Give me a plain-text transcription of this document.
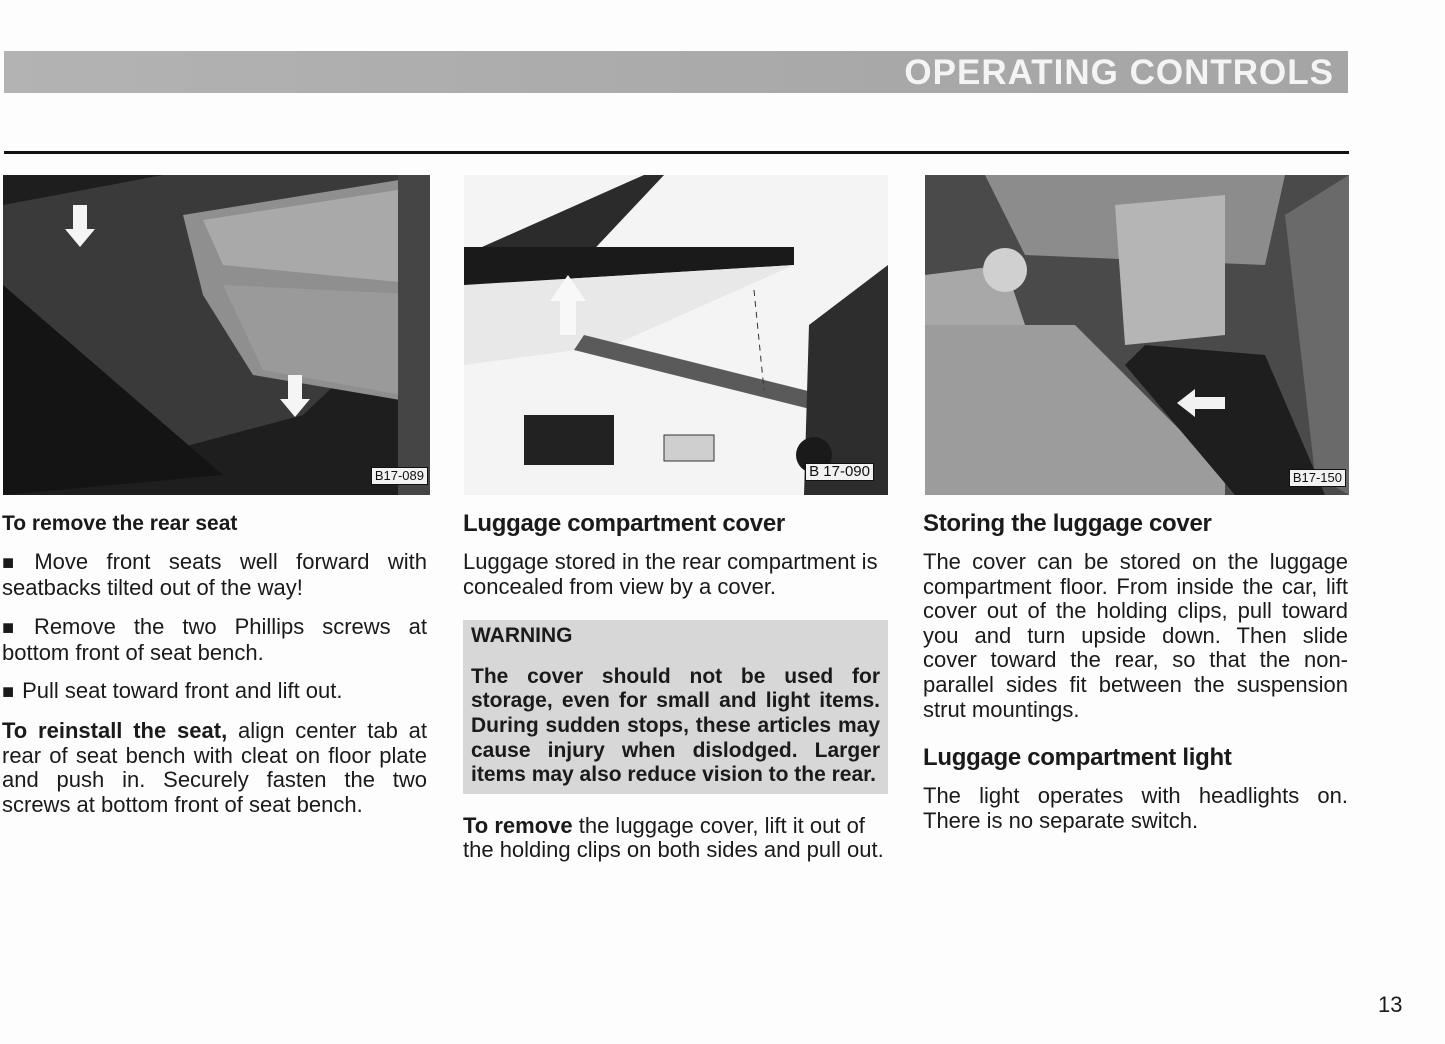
OPERATING CONTROLS
B17-089	B 17-090	B17-150

To remove the rear seat

■ Move front seats well forward with seatbacks tilted out of the way!

■ Remove the two Phillips screws at bottom front of seat bench.

■ Pull seat toward front and lift out.

To reinstall the seat, align center tab at rear of seat bench with cleat on floor plate and push in. Securely fasten the two screws at bottom front of seat bench.

Luggage compartment cover

Luggage stored in the rear compartment is concealed from view by a cover.

WARNING

The cover should not be used for storage, even for small and light items. During sudden stops, these articles may cause injury when dislodged. Larger items may also reduce vision to the rear.

To remove the luggage cover, lift it out of the holding clips on both sides and pull out.

Storing the luggage cover

The cover can be stored on the luggage compartment floor. From inside the car, lift cover out of the holding clips, pull toward you and turn upside down. Then slide cover toward the rear, so that the non-parallel sides fit between the suspension strut mountings.

Luggage compartment light

The light operates with headlights on. There is no separate switch.

13
